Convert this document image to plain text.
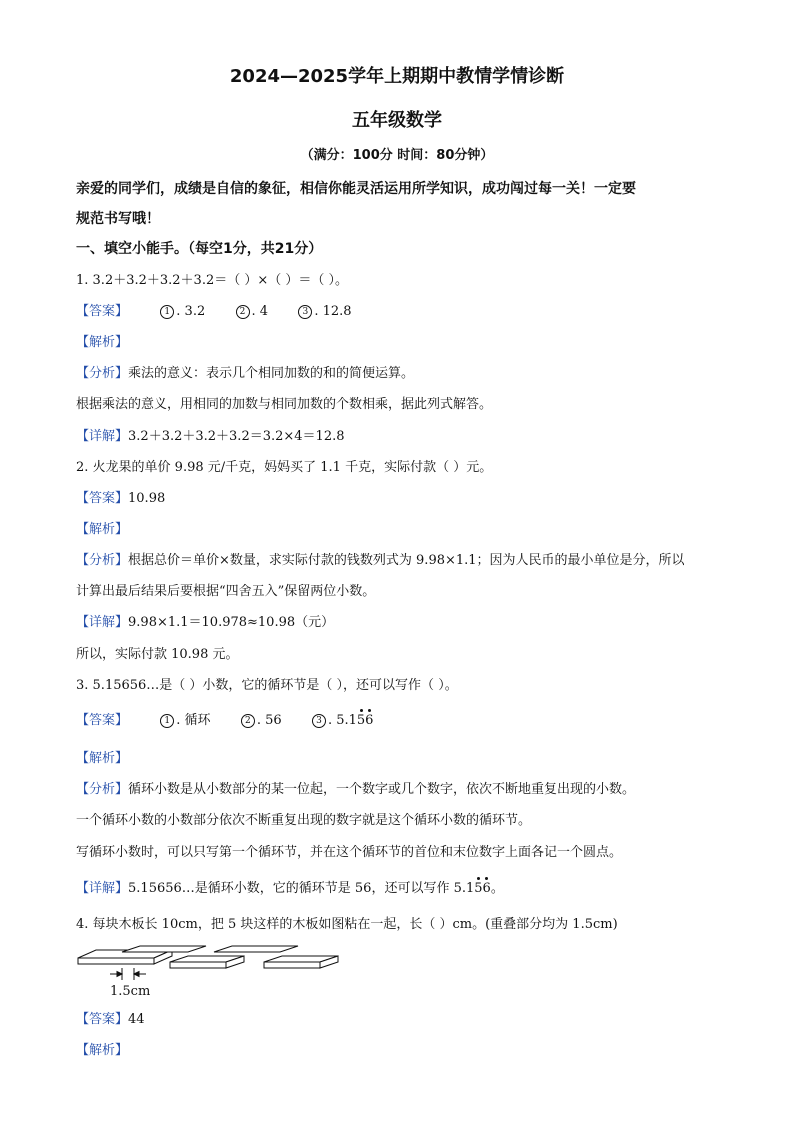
2024—2025学年上期期中教情学情诊断
五年级数学
（满分：100分 时间：80分钟）
亲爱的同学们，成绩是自信的象征，相信你能灵活运用所学知识，成功闯过每一关！一定要
规范书写哦！
一、填空小能手。（每空1分，共21分）
1. 3.2＋3.2＋3.2＋3.2＝（ ）×（ ）＝（ ）。
【答案】	1 . 3.2	2 . 4	3 . 12.8
【解析】
【分析】乘法的意义：表示几个相同加数的和的简便运算。
根据乘法的意义，用相同的加数与相同加数的个数相乘，据此列式解答。
【详解】3.2＋3.2＋3.2＋3.2＝3.2×4＝12.8
2. 火龙果的单价 9.98 元/千克，妈妈买了 1.1 千克，实际付款（ ）元。
【答案】10.98
【解析】
【分析】根据总价＝单价×数量，求实际付款的钱数列式为 9.98×1.1；因为人民币的最小单位是分，所以
计算出最后结果后要根据“四舍五入”保留两位小数。
【详解】9.98×1.1＝10.978≈10.98（元）
所以，实际付款 10.98 元。
3. 5.15656…是（ ）小数，它的循环节是（ ），还可以写作（ ）。
【答案】	1 . 循环	2 . 56	3 . 5.156
【解析】
【分析】循环小数是从小数部分的某一位起，一个数字或几个数字，依次不断地重复出现的小数。
一个循环小数的小数部分依次不断重复出现的数字就是这个循环小数的循环节。
写循环小数时，可以只写第一个循环节，并在这个循环节的首位和末位数字上面各记一个圆点。
【详解】5.15656…是循环小数，它的循环节是 56，还可以写作 5.156。
4. 每块木板长 10cm，把 5 块这样的木板如图粘在一起，长（ ）cm。(重叠部分均为 1.5cm)
1.5cm
【答案】44
【解析】
